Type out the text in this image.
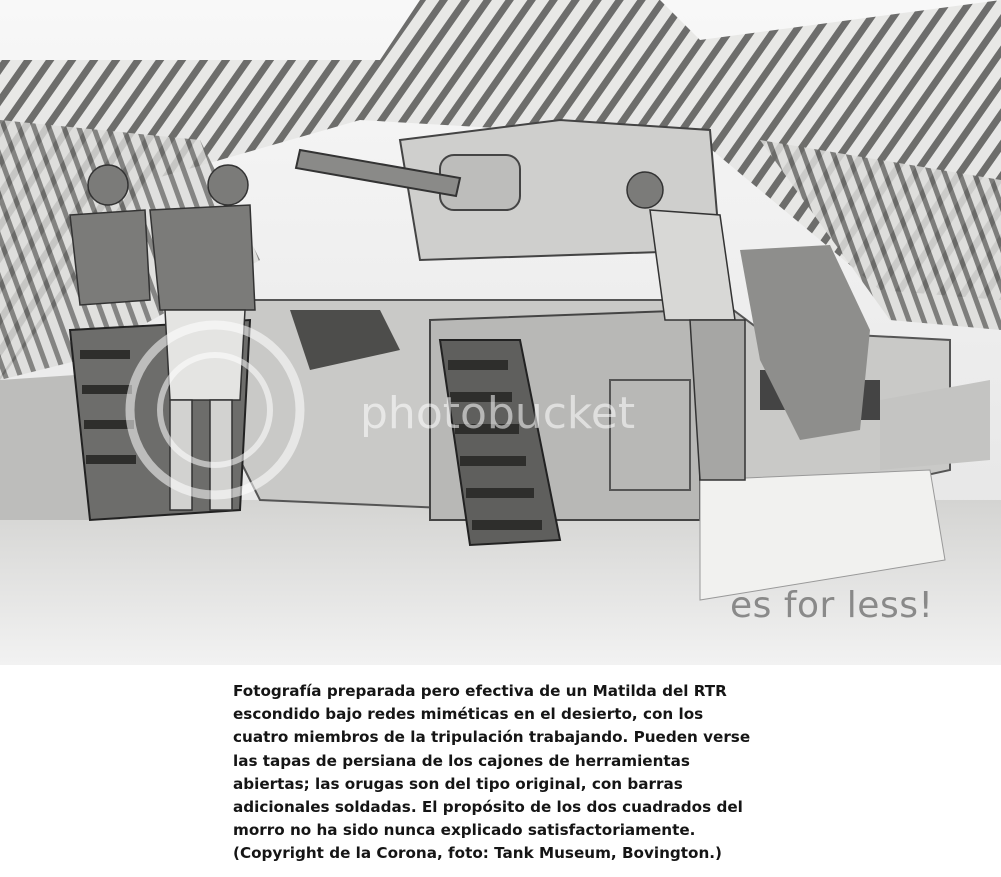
photobucket
es for less!
Fotografía preparada pero efectiva de un Matilda del RTR
escondido bajo redes miméticas en el desierto, con los
cuatro miembros de la tripulación trabajando. Pueden verse
las tapas de persiana de los cajones de herramientas
abiertas; las orugas son del tipo original, con barras
adicionales soldadas. El propósito de los dos cuadrados del
morro no ha sido nunca explicado satisfactoriamente.
(Copyright de la Corona, foto: Tank Museum, Bovington.)
